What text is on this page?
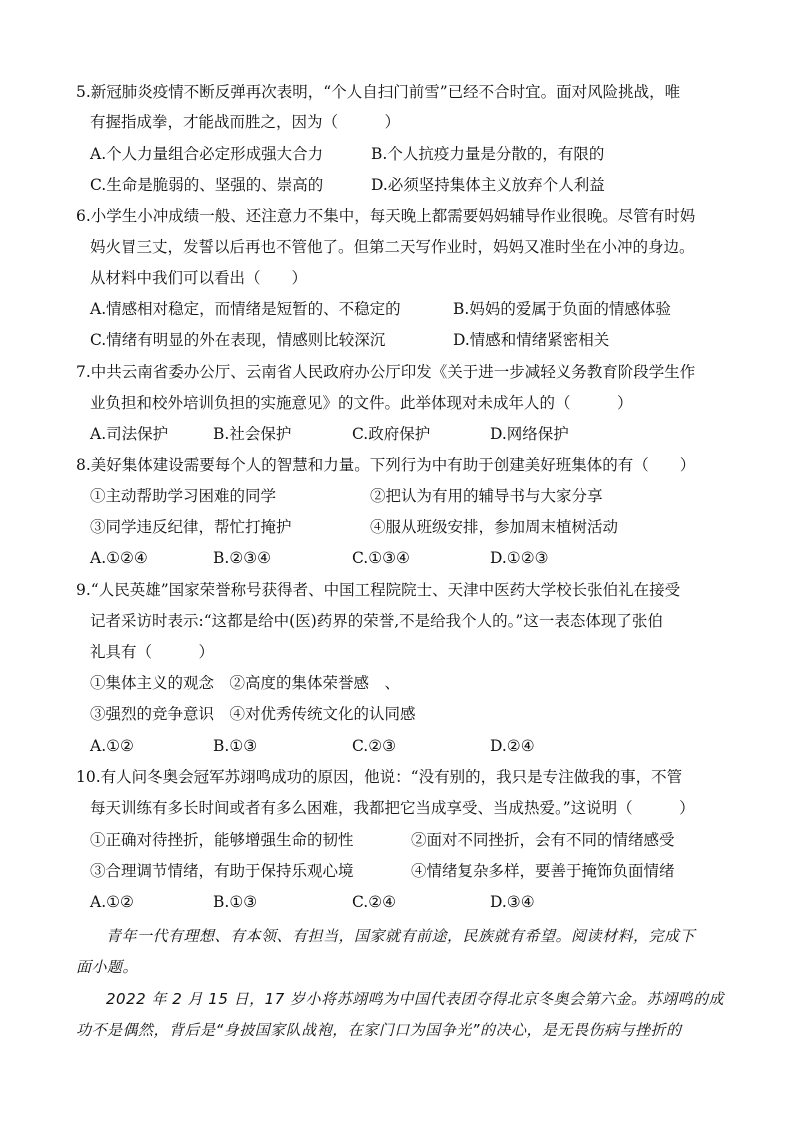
5.新冠肺炎疫情不断反弹再次表明，“个人自扫门前雪”已经不合时宜。面对风险挑战，唯
有握指成拳，才能战而胜之，因为（　　　）
A.个人力量组合必定形成强大合力	B.个人抗疫力量是分散的，有限的
C.生命是脆弱的、坚强的、崇高的	D.必须坚持集体主义放弃个人利益
6.小学生小冲成绩一般、还注意力不集中，每天晚上都需要妈妈辅导作业很晚。尽管有时妈
妈火冒三丈，发誓以后再也不管他了。但第二天写作业时，妈妈又准时坐在小冲的身边。
从材料中我们可以看出（　　）
A.情感相对稳定，而情绪是短暂的、不稳定的	B.妈妈的爱属于负面的情感体验
C.情绪有明显的外在表现，情感则比较深沉	D.情感和情绪紧密相关
7.中共云南省委办公厅、云南省人民政府办公厅印发《关于进一步减轻义务教育阶段学生作
业负担和校外培训负担的实施意见》的文件。此举体现对未成年人的（　　　）
A.司法保护	B.社会保护	C.政府保护	D.网络保护
8.美好集体建设需要每个人的智慧和力量。下列行为中有助于创建美好班集体的有（　　）
①主动帮助学习困难的同学	②把认为有用的辅导书与大家分享
③同学违反纪律，帮忙打掩护	④服从班级安排，参加周末植树活动
A.①②④	B.②③④	C.①③④	D.①②③
9.“人民英雄”国家荣誉称号获得者、中国工程院院士、天津中医药大学校长张伯礼在接受
记者采访时表示:“这都是给中(医)药界的荣誉,不是给我个人的。”这一表态体现了张伯
礼具有（　　　）
①集体主义的观念　②高度的集体荣誉感　、
③强烈的竞争意识　④对优秀传统文化的认同感
A.①②	B.①③	C.②③	D.②④
10.有人问冬奥会冠军苏翊鸣成功的原因，他说：“没有别的，我只是专注做我的事，不管
每天训练有多长时间或者有多么困难，我都把它当成享受、当成热爱。”这说明（　　　）
①正确对待挫折，能够增强生命的韧性	②面对不同挫折，会有不同的情绪感受
③合理调节情绪，有助于保持乐观心境	④情绪复杂多样，要善于掩饰负面情绪
A.①②	B.①③	C.②④	D.③④
青年一代有理想、有本领、有担当，国家就有前途，民族就有希望。阅读材料，完成下
面小题。
2022 年 2 月 15 日，17 岁小将苏翊鸣为中国代表团夺得北京冬奥会第六金。苏翊鸣的成
功不是偶然，背后是“身披国家队战袍，在家门口为国争光”的决心，是无畏伤病与挫折的
